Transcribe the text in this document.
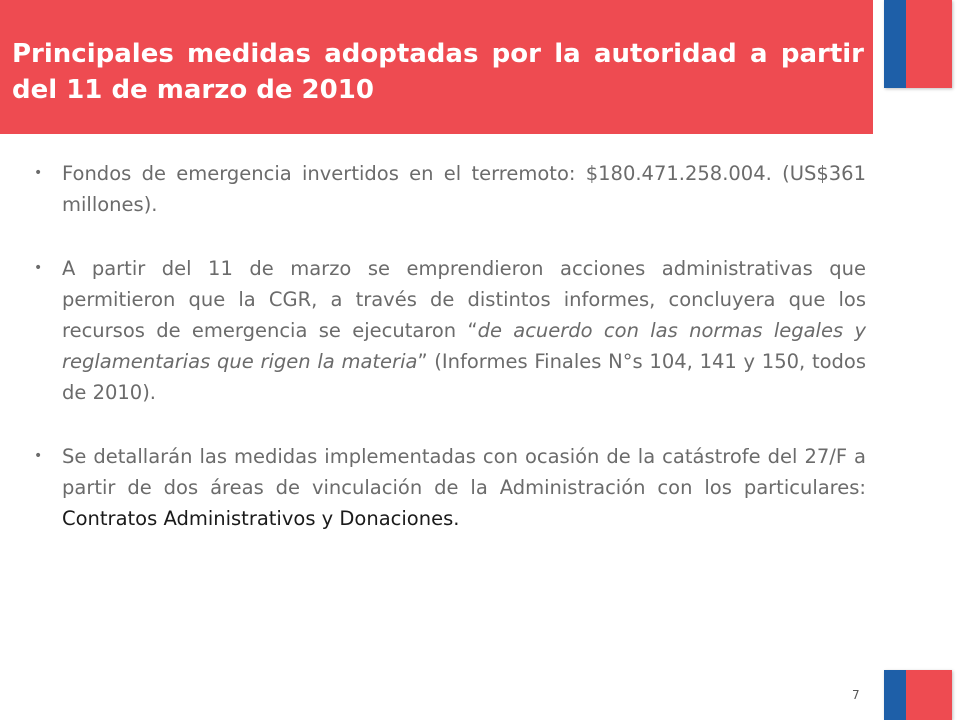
Principales medidas adoptadas por la autoridad a partir del 11 de marzo de 2010
• Fondos de emergencia invertidos en el terremoto: $180.471.258.004. (US$361 millones).
• A partir del 11 de marzo se emprendieron acciones administrativas que permitieron que la CGR, a través de distintos informes, concluyera que los recursos de emergencia se ejecutaron “de acuerdo con las normas legales y reglamentarias que rigen la materia” (Informes Finales N°s 104, 141 y 150, todos de 2010).
• Se detallarán las medidas implementadas con ocasión de la catástrofe del 27/F a partir de dos áreas de vinculación de la Administración con los particulares: Contratos Administrativos y Donaciones.
7
